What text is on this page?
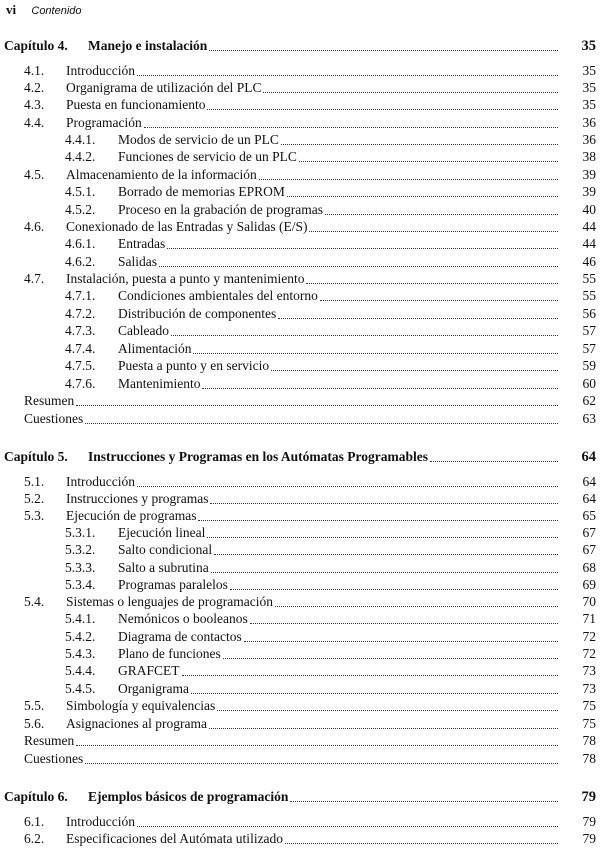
vi Contenido
Capítulo 4.	Manejo e instalación	35
4.1.	Introducción	35
4.2.	Organigrama de utilización del PLC	35
4.3.	Puesta en funcionamiento	35
4.4.	Programación	36
4.4.1.	Modos de servicio de un PLC	36
4.4.2.	Funciones de servicio de un PLC	38
4.5.	Almacenamiento de la información	39
4.5.1.	Borrado de memorias EPROM	39
4.5.2.	Proceso en la grabación de programas	40
4.6.	Conexionado de las Entradas y Salidas (E/S)	44
4.6.1.	Entradas	44
4.6.2.	Salidas	46
4.7.	Instalación, puesta a punto y mantenimiento	55
4.7.1.	Condiciones ambientales del entorno	55
4.7.2.	Distribución de componentes	56
4.7.3.	Cableado	57
4.7.4.	Alimentación	57
4.7.5.	Puesta a punto y en servicio	59
4.7.6.	Mantenimiento	60
Resumen	62
Cuestiones	63
Capítulo 5.	Instrucciones y Programas en los Autómatas Programables	64
5.1.	Introducción	64
5.2.	Instrucciones y programas	64
5.3.	Ejecución de programas	65
5.3.1.	Ejecución lineal	67
5.3.2.	Salto condicional	67
5.3.3.	Salto a subrutina	68
5.3.4.	Programas paralelos	69
5.4.	Sistemas o lenguajes de programación	70
5.4.1.	Nemónicos o booleanos	71
5.4.2.	Diagrama de contactos	72
5.4.3.	Plano de funciones	72
5.4.4.	GRAFCET	73
5.4.5.	Organigrama	73
5.5.	Simbología y equivalencias	75
5.6.	Asignaciones al programa	75
Resumen	78
Cuestiones	78
Capítulo 6.	Ejemplos básicos de programación	79
6.1.	Introducción	79
6.2.	Especificaciones del Autómata utilizado	79
